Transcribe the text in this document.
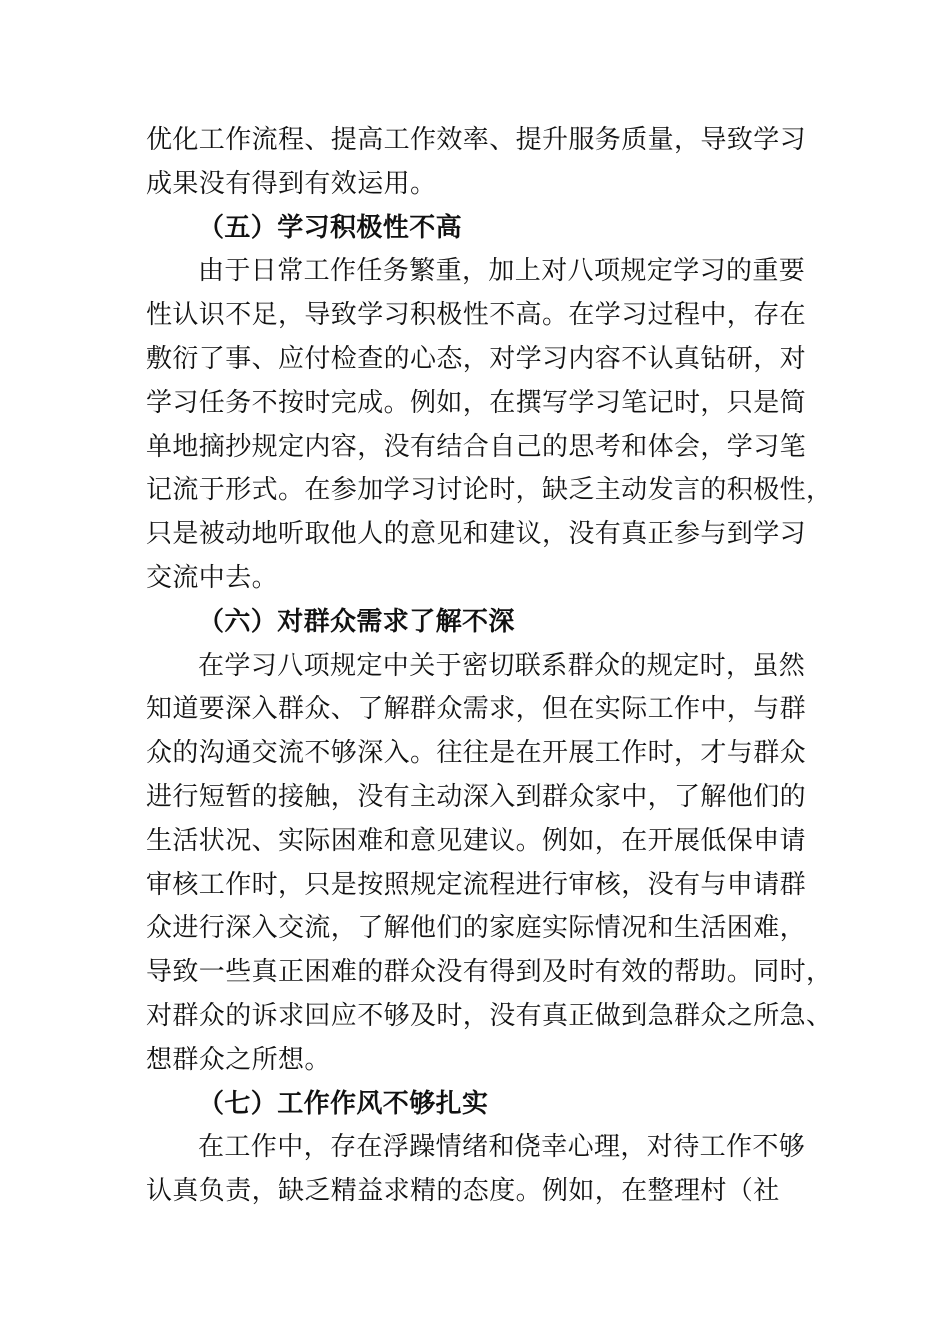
优化工作流程、提高工作效率、提升服务质量，导致学习
成果没有得到有效运用。
（五）学习积极性不高
由于日常工作任务繁重，加上对八项规定学习的重要
性认识不足，导致学习积极性不高。在学习过程中，存在
敷衍了事、应付检查的心态，对学习内容不认真钻研，对
学习任务不按时完成。例如，在撰写学习笔记时，只是简
单地摘抄规定内容，没有结合自己的思考和体会，学习笔
记流于形式。在参加学习讨论时，缺乏主动发言的积极性，
只是被动地听取他人的意见和建议，没有真正参与到学习
交流中去。
（六）对群众需求了解不深
在学习八项规定中关于密切联系群众的规定时，虽然
知道要深入群众、了解群众需求，但在实际工作中，与群
众的沟通交流不够深入。往往是在开展工作时，才与群众
进行短暂的接触，没有主动深入到群众家中，了解他们的
生活状况、实际困难和意见建议。例如，在开展低保申请
审核工作时，只是按照规定流程进行审核，没有与申请群
众进行深入交流，了解他们的家庭实际情况和生活困难，
导致一些真正困难的群众没有得到及时有效的帮助。同时，
对群众的诉求回应不够及时，没有真正做到急群众之所急、
想群众之所想。
（七）工作作风不够扎实
在工作中，存在浮躁情绪和侥幸心理，对待工作不够
认真负责，缺乏精益求精的态度。例如，在整理村（社
